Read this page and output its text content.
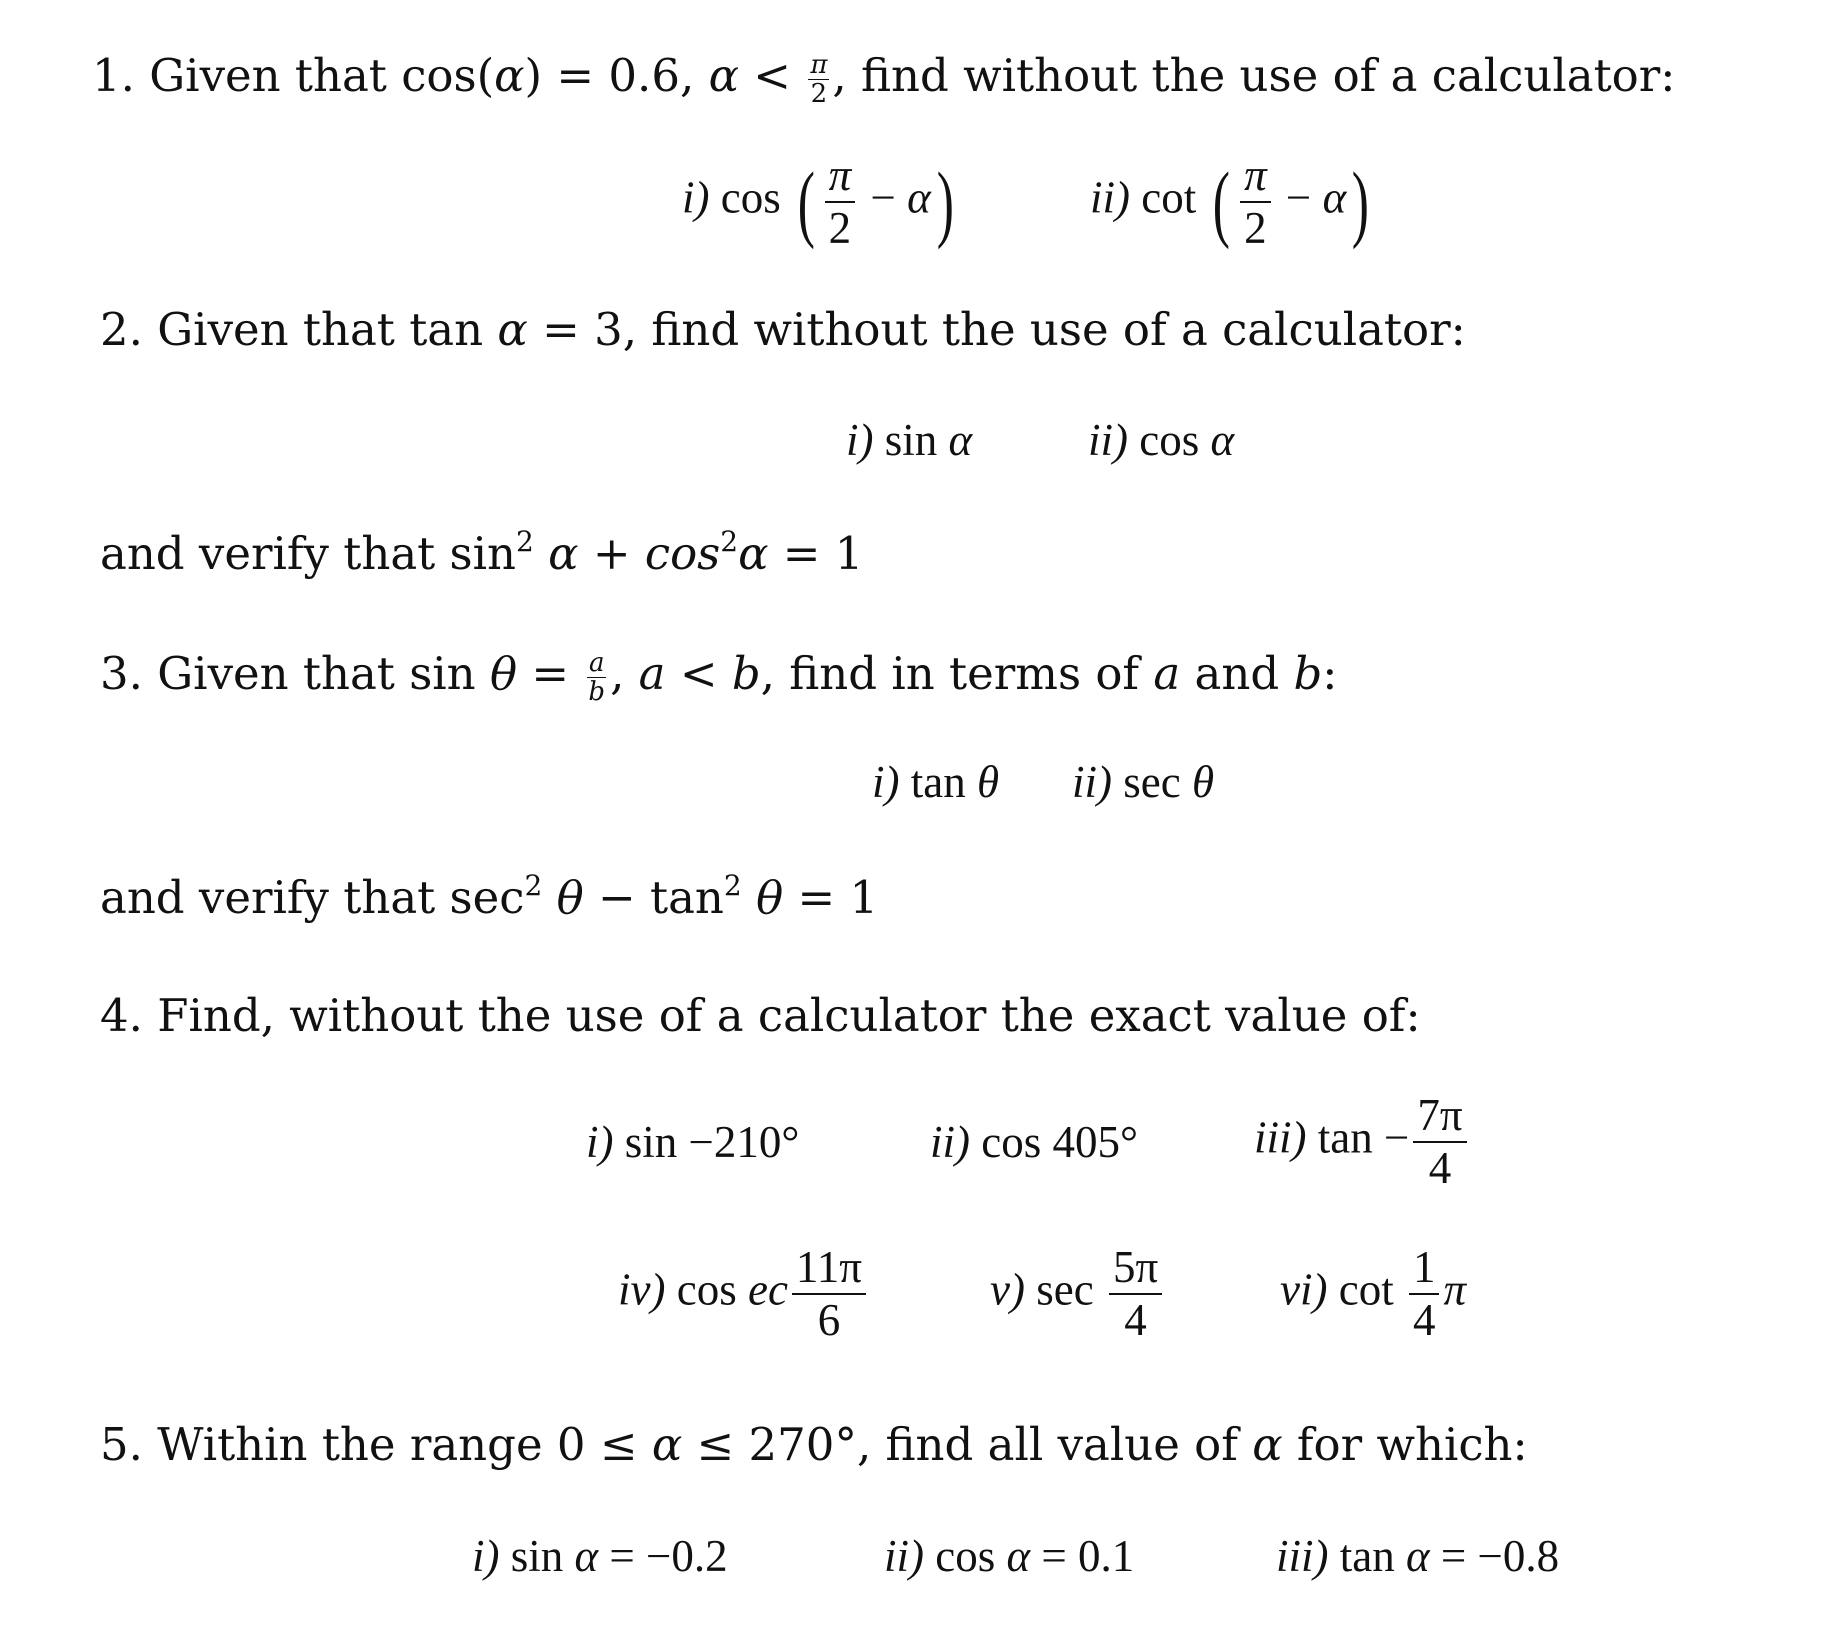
1. Given that cos(α) = 0.6, $\alpha < \frac{\pi}{2}$ , find without the use of a calculator:
i) cos ( $\frac{\pi}{2} - \alpha$)	ii) cot ( $\frac{\pi}{2} - \alpha$)
2. Given that tan α = 3, find without the use of a calculator:
i) sin α	ii) cos α
and verify that $\sin^2 \alpha + \cos^2\alpha = 1$
3. Given that $\sin \theta = \frac{a}{b}$ , a < b, find in terms of a and b:
i) tan θ ii) sec θ
and verify that $\sec^2 \theta - \tan^2 \theta = 1$
4. Find, without the use of a calculator the exact value of:
i) sin −210°	ii) cos 405°	iii) $\tan - \frac{7\pi}{4}$
iv) cos ec $\frac{11\pi}{6}$	v) $\sec \frac{5\pi}{4}$	vi) $\cot \frac{1}{4}$ π
5. Within the range 0 ≤ α ≤ 270°, find all value of α for which:
i) sin α = −0.2	ii) cos α = 0.1	iii) tan α = −0.8
